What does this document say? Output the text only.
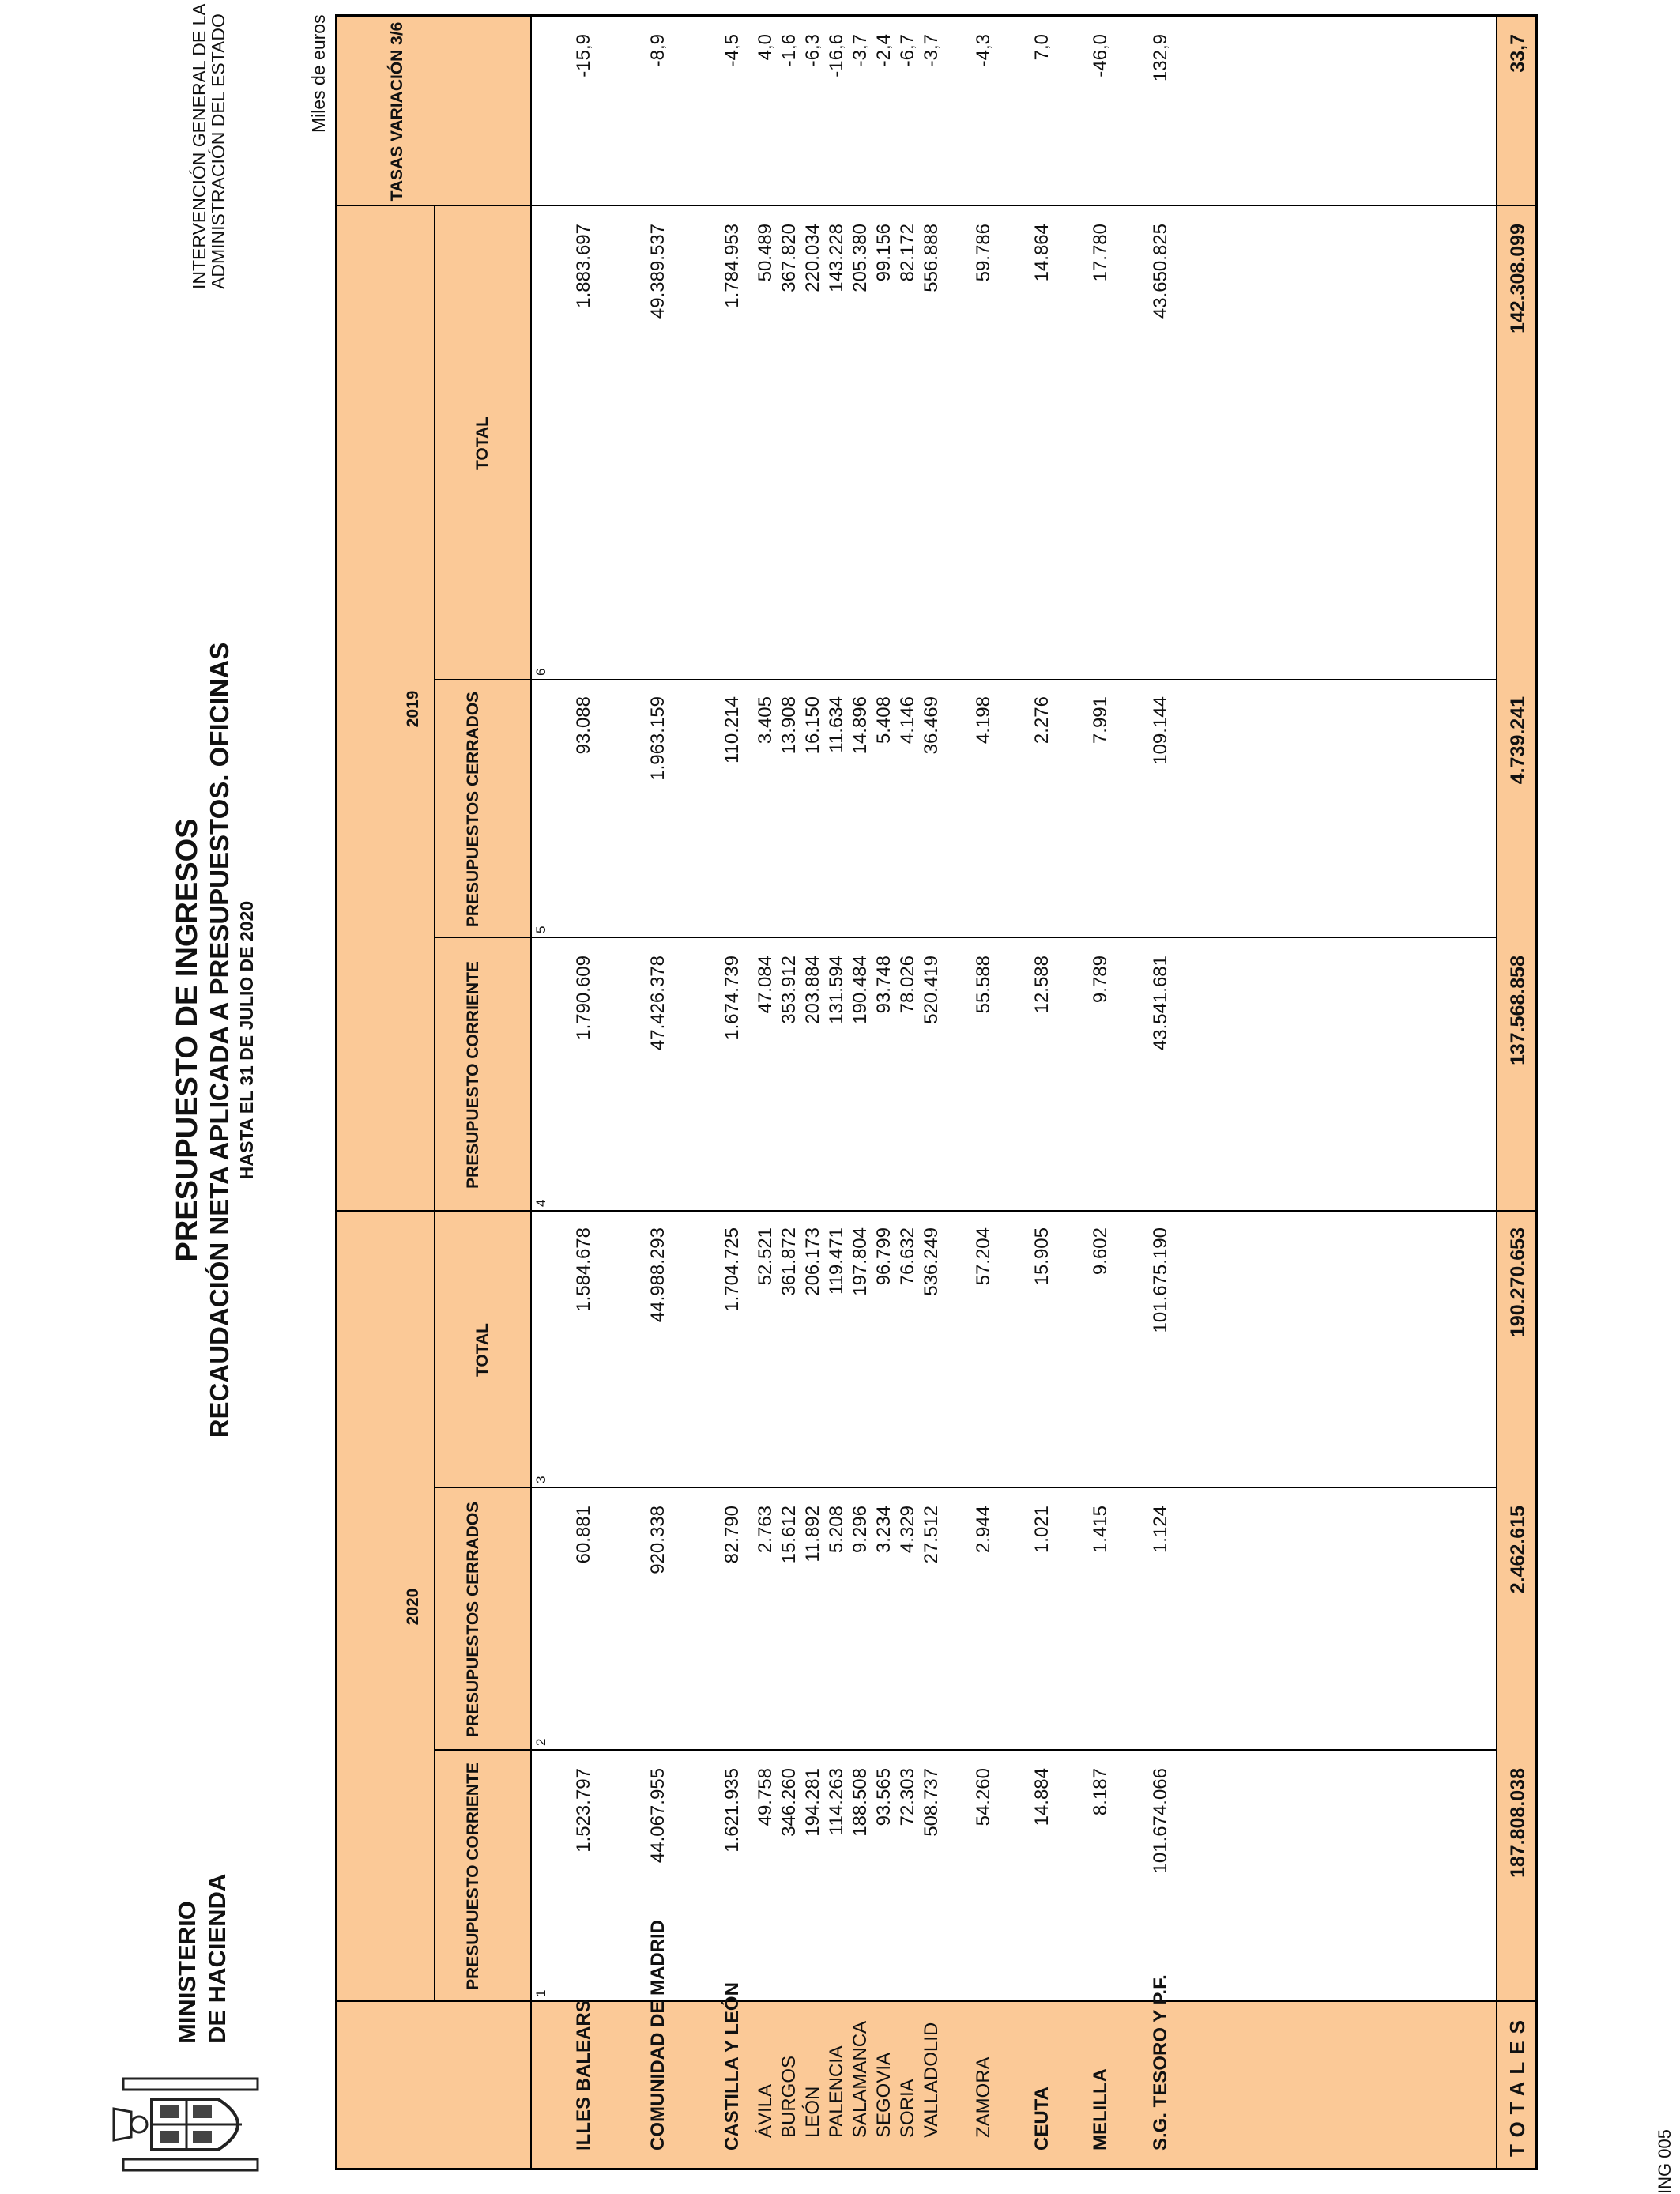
MINISTERIO DE HACIENDA
PRESUPUESTO DE INGRESOS RECAUDACIÓN NETA APLICADA A PRESUPUESTOS. OFICINAS HASTA EL 31 DE JULIO DE 2020
INTERVENCIÓN GENERAL DE LA
ADMINISTRACIÓN DEL ESTADO	Miles de euros
2020
2019
PRESUPUESTO CORRIENTE
PRESUPUESTOS CERRADOS
TOTAL
PRESUPUESTO CORRIENTE
PRESUPUESTOS CERRADOS
TOTAL
TASAS VARIACIÓN 3/6
1
2
3
4
5
6
ILLES BALEARS
1.523.797
60.881
1.584.678
1.790.609
93.088
1.883.697
-15,9
COMUNIDAD DE MADRID
44.067.955
920.338
44.988.293
47.426.378
1.963.159
49.389.537
-8,9
CASTILLA Y LEÓN
1.621.935
82.790
1.704.725
1.674.739
110.214
1.784.953
-4,5
ÁVILA
49.758
2.763
52.521
47.084
3.405
50.489
4,0
BURGOS
346.260
15.612
361.872
353.912
13.908
367.820
-1,6
LEÓN
194.281
11.892
206.173
203.884
16.150
220.034
-6,3
PALENCIA
114.263
5.208
119.471
131.594
11.634
143.228
-16,6
SALAMANCA
188.508
9.296
197.804
190.484
14.896
205.380
-3,7
SEGOVIA
93.565
3.234
96.799
93.748
5.408
99.156
-2,4
SORIA
72.303
4.329
76.632
78.026
4.146
82.172
-6,7
VALLADOLID
508.737
27.512
536.249
520.419
36.469
556.888
-3,7
ZAMORA
54.260
2.944
57.204
55.588
4.198
59.786
-4,3
CEUTA
14.884
1.021
15.905
12.588
2.276
14.864
7,0
MELILLA
8.187
1.415
9.602
9.789
7.991
17.780
-46,0
S.G. TESORO Y P.F.
101.674.066
1.124
101.675.190
43.541.681
109.144
43.650.825
132,9
TOTALES
187.808.038
2.462.615
190.270.653
137.568.858
4.739.241
142.308.099
33,7
ING 005
